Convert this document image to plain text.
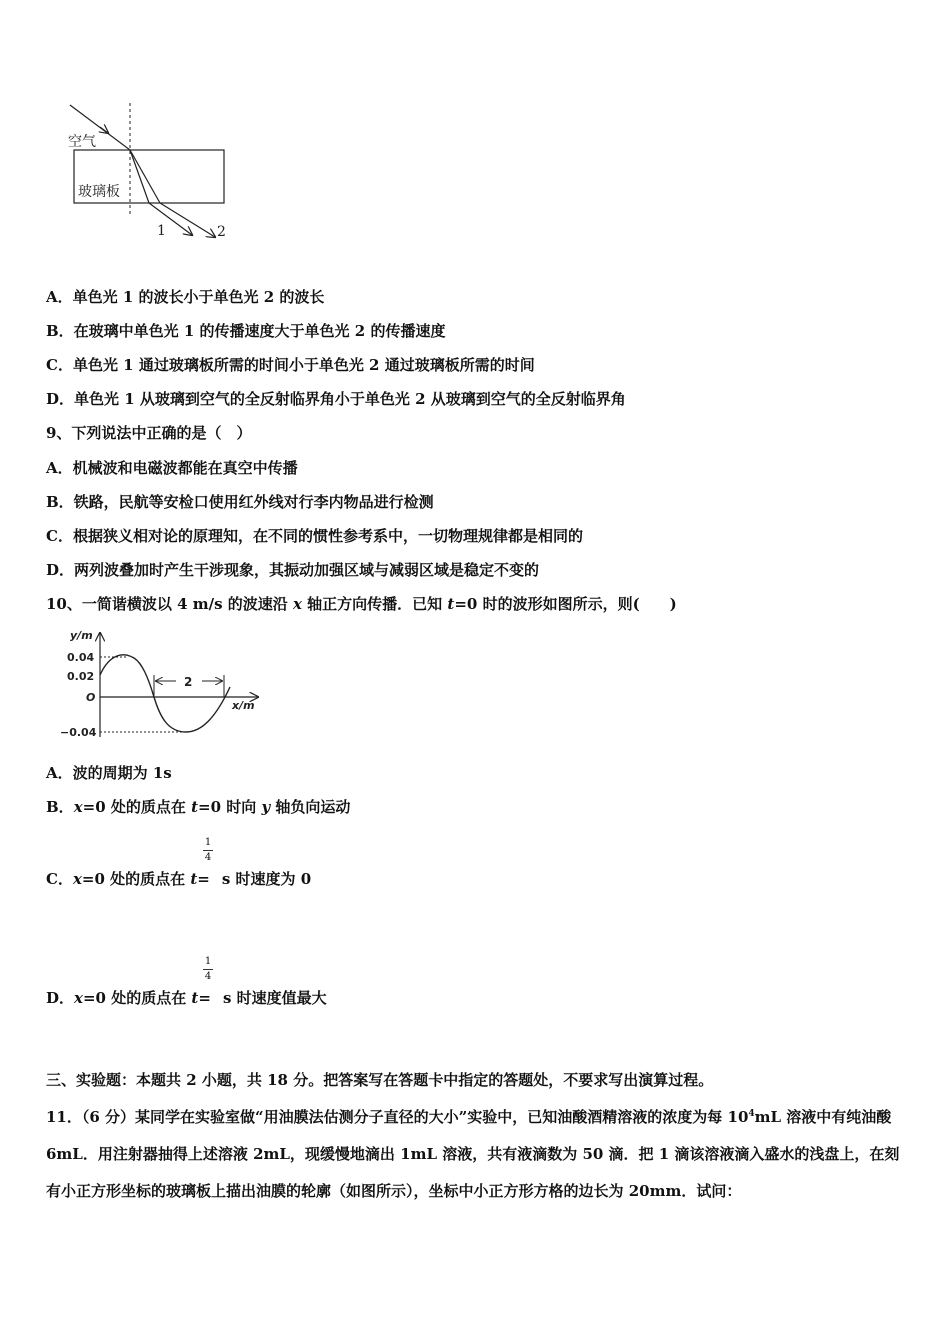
空气
玻璃板
1	2
A．单色光 1 的波长小于单色光 2 的波长
B．在玻璃中单色光 1 的传播速度大于单色光 2 的传播速度
C．单色光 1 通过玻璃板所需的时间小于单色光 2 通过玻璃板所需的时间
D．单色光 1 从玻璃到空气的全反射临界角小于单色光 2 从玻璃到空气的全反射临界角
9、下列说法中正确的是（　）
A．机械波和电磁波都能在真空中传播
B．铁路，民航等安检口使用红外线对行李内物品进行检测
C．根据狭义相对论的原理知，在不同的惯性参考系中，一切物理规律都是相同的
D．两列波叠加时产生干涉现象，其振动加强区域与减弱区域是稳定不变的
10、一简谐横波以 4 m/s 的波速沿 x 轴正方向传播．已知 t=0 时的波形如图所示，则(　　)
2
y/m
x/m
0.04
0.02
O
−0.04
A．波的周期为 1s
B．x=0 处的质点在 t=0 时向 y 轴负向运动
1
4
C．x=0 处的质点在 t= s 时速度为 0
1
4
D．x=0 处的质点在 t= s 时速度值最大
三、实验题：本题共 2 小题，共 18 分。把答案写在答题卡中指定的答题处，不要求写出演算过程。
11．（6 分）某同学在实验室做“用油膜法估测分子直径的大小”实验中，已知油酸酒精溶液的浓度为每 $10^4mL$ 溶液中有纯油酸 6mL．用注射器抽得上述溶液 2mL，现缓慢地滴出 1mL 溶液，共有液滴数为 50 滴．把 1 滴该溶液滴入盛水的浅盘上，在刻有小正方形坐标的玻璃板上描出油膜的轮廓（如图所示），坐标中小正方形方格的边长为 20mm．试问：
